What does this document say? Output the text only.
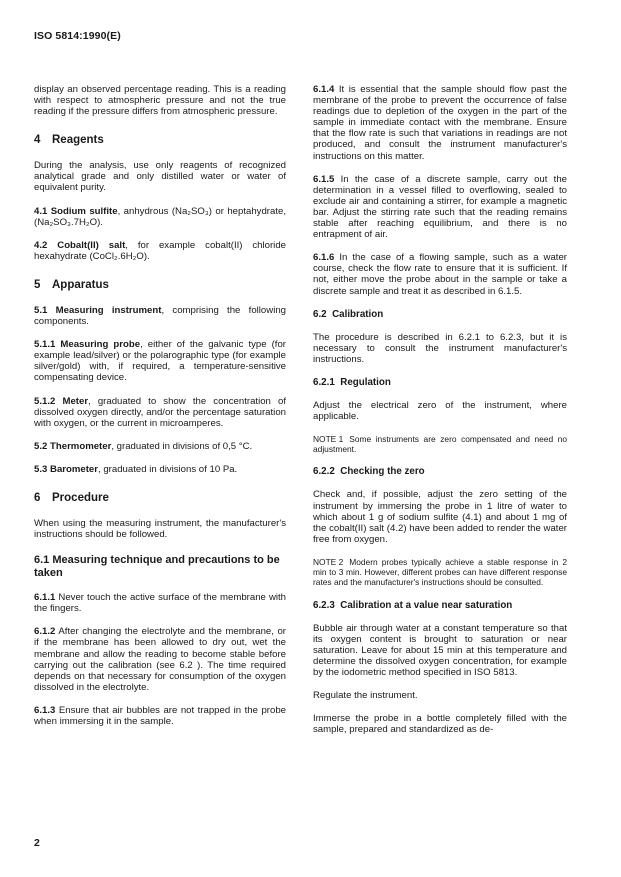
ISO 5814:1990(E)

display an observed percentage reading. This is a reading with respect to atmospheric pressure and not the true reading if the pressure differs from atmospheric pressure.

4 Reagents

During the analysis, use only reagents of recognized analytical grade and only distilled water or water of equivalent purity.

4.1 Sodium sulfite, anhydrous (Na₂SO₃) or heptahydrate, (Na₂SO₃.7H₂O).

4.2 Cobalt(II) salt, for example cobalt(II) chloride hexahydrate (CoCl₂.6H₂O).

5 Apparatus

5.1 Measuring instrument, comprising the following components.

5.1.1 Measuring probe, either of the galvanic type (for example lead/silver) or the polarographic type (for example silver/gold) with, if required, a temperature-sensitive compensating device.

5.1.2 Meter, graduated to show the concentration of dissolved oxygen directly, and/or the percentage saturation with oxygen, or the current in microamperes.

5.2 Thermometer, graduated in divisions of 0,5 °C.

5.3 Barometer, graduated in divisions of 10 Pa.

6 Procedure

When using the measuring instrument, the manufacturer's instructions should be followed.

6.1 Measuring technique and precautions to be taken

6.1.1 Never touch the active surface of the membrane with the fingers.

6.1.2 After changing the electrolyte and the membrane, or if the membrane has been allowed to dry out, wet the membrane and allow the reading to become stable before carrying out the calibration (see 6.2 ). The time required depends on that necessary for consumption of the oxygen dissolved in the electrolyte.

6.1.3 Ensure that air bubbles are not trapped in the probe when immersing it in the sample.

6.1.4 It is essential that the sample should flow past the membrane of the probe to prevent the occurrence of false readings due to depletion of the oxygen in the part of the sample in immediate contact with the membrane. Ensure that the flow rate is such that variations in readings are not produced, and consult the instrument manufacturer's instructions on this matter.

6.1.5 In the case of a discrete sample, carry out the determination in a vessel filled to overflowing, sealed to exclude air and containing a stirrer, for example a magnetic bar. Adjust the stirring rate such that the reading remains stable after reaching equilibrium, and there is no entrapment of air.

6.1.6 In the case of a flowing sample, such as a water course, check the flow rate to ensure that it is sufficient. If not, either move the probe about in the sample or take a discrete sample and treat it as described in 6.1.5.

6.2 Calibration

The procedure is described in 6.2.1 to 6.2.3, but it is necessary to consult the instrument manufacturer's instructions.

6.2.1 Regulation

Adjust the electrical zero of the instrument, where applicable.

NOTE 1 Some instruments are zero compensated and need no adjustment.

6.2.2 Checking the zero

Check and, if possible, adjust the zero setting of the instrument by immersing the probe in 1 litre of water to which about 1 g of sodium sulfite (4.1) and about 1 mg of the cobalt(II) salt (4.2) have been added to render the water free from oxygen.

NOTE 2 Modern probes typically achieve a stable response in 2 min to 3 min. However, different probes can have different response rates and the manufacturer's instructions should be consulted.

6.2.3 Calibration at a value near saturation

Bubble air through water at a constant temperature so that its oxygen content is brought to saturation or near saturation. Leave for about 15 min at this temperature and determine the dissolved oxygen concentration, for example by the iodometric method specified in ISO 5813.

Regulate the instrument.

Immerse the probe in a bottle completely filled with the sample, prepared and standardized as de-

2
